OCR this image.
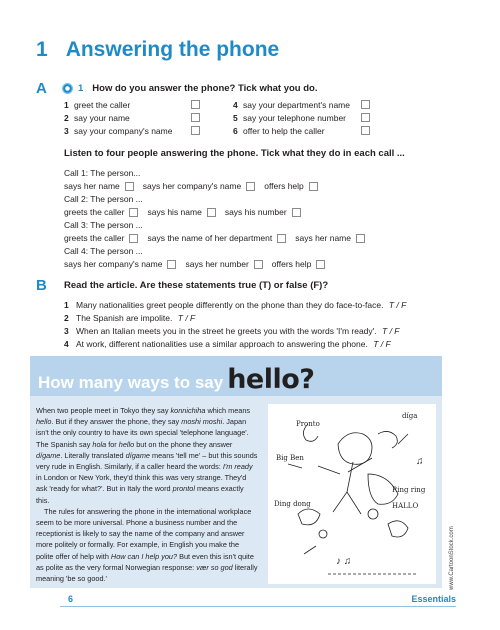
1 Answering the phone
A	1 How do you answer the phone? Tick what you do.
1 greet the caller
2 say your name
3 say your company's name
4 say your department's name
5 say your telephone number
6 offer to help the caller
Listen to four people answering the phone. Tick what they do in each call ...
Call 1: The person...
says her name	says her company's name	offers help
Call 2: The person ...
greets the caller	says his name	says his number
Call 3: The person ...
greets the caller	says the name of her department	says her name
Call 4: The person ...
says her company's name	says her number	offers help
B Read the article. Are these statements true (T) or false (F)?
1 Many nationalities greet people differently on the phone than they do face-to-face. T / F
2 The Spanish are impolite. T / F
3 When an Italian meets you in the street he greets you with the words 'I'm ready'. T / F
4 At work, different nationalities use a similar approach to answering the phone. T / F
How many ways to say hello?

When two people meet in Tokyo they say konnichiha which means hello. But if they answer the phone, they say moshi moshi. Japan isn't the only country to have its own special 'telephone language'. The Spanish say hola for hello but on the phone they answer dígame. Literally translated dígame means 'tell me' – but this sounds very rude in English. Similarly, if a caller heard the words: I'm ready in London or New York, they'd think this was very strange. They'd ask 'ready for what?'. But in Italy the word prontol means exactly this.

The rules for answering the phone in the international workplace seem to be more universal. Phone a business number and the receptionist is likely to say the name of the company and answer more politely or formally. For example, in English you make the polite offer of help with How can I help you? But even this isn't quite as polite as the very formal Norwegian response: vær so god literally meaning 'be so good.'

Pronto
díga
Big Ben
Ding dong
Ring ring
HALLO
♪ ♫
♫
www.CartoonStock.com
6	Essentials
